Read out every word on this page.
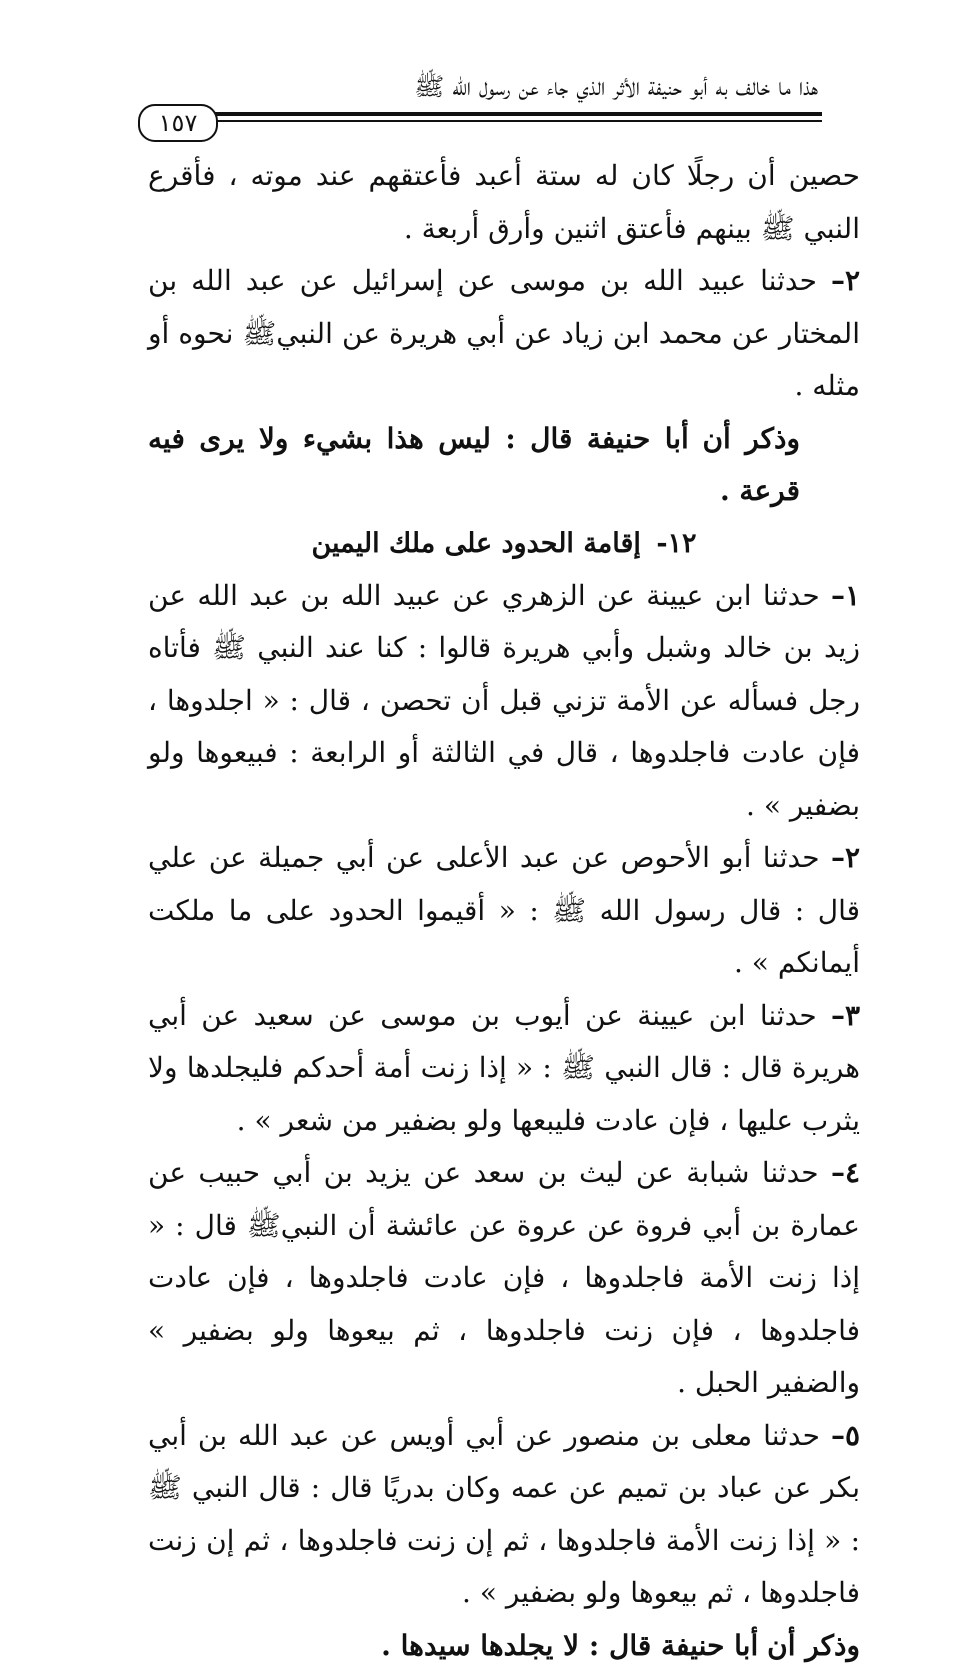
هذا ما خالف به أبو حنيفة الأثر الذي جاء عن رسول الله ﷺ
١٥٧

حصين أن رجلًا كان له ستة أعبد فأعتقهم عند موته ، فأقرع النبي ﷺ بينهم فأعتق اثنين وأرق أربعة .

٢– حدثنا عبيد الله بن موسى عن إسرائيل عن عبد الله بن المختار عن محمد ابن زياد عن أبي هريرة عن النبيﷺ نحوه أو مثله .

وذكر أن أبا حنيفة قال : ليس هذا بشيء ولا يرى فيه قرعة .

١٢- إقامة الحدود على ملك اليمين

١– حدثنا ابن عيينة عن الزهري عن عبيد الله بن عبد الله عن زيد بن خالد وشبل وأبي هريرة قالوا : كنا عند النبي ﷺ فأتاه رجل فسأله عن الأمة تزني قبل أن تحصن ، قال : « اجلدوها ، فإن عادت فاجلدوها ، قال في الثالثة أو الرابعة : فبيعوها ولو بضفير » .

٢– حدثنا أبو الأحوص عن عبد الأعلى عن أبي جميلة عن علي قال : قال رسول الله ﷺ : « أقيموا الحدود على ما ملكت أيمانكم » .

٣– حدثنا ابن عيينة عن أيوب بن موسى عن سعيد عن أبي هريرة قال : قال النبي ﷺ : « إذا زنت أمة أحدكم فليجلدها ولا يثرب عليها ، فإن عادت فليبعها ولو بضفير من شعر » .

٤– حدثنا شبابة عن ليث بن سعد عن يزيد بن أبي حبيب عن عمارة بن أبي فروة عن عروة عن عائشة أن النبيﷺ قال : « إذا زنت الأمة فاجلدوها ، فإن عادت فاجلدوها ، فإن عادت فاجلدوها ، فإن زنت فاجلدوها ، ثم بيعوها ولو بضفير » والضفير الحبل .

٥– حدثنا معلى بن منصور عن أبي أويس عن عبد الله بن أبي بكر عن عباد بن تميم عن عمه وكان بدريًا قال : قال النبي ﷺ : « إذا زنت الأمة فاجلدوها ، ثم إن زنت فاجلدوها ، ثم إن زنت فاجلدوها ، ثم بيعوها ولو بضفير » .

وذكر أن أبا حنيفة قال : لا يجلدها سيدها .
